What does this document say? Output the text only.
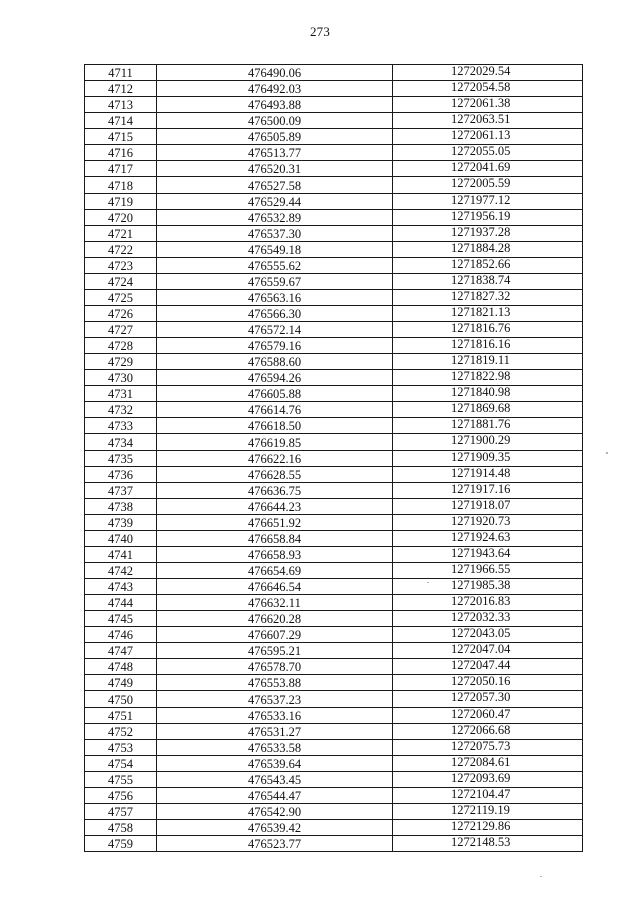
273
4711	476490.06	1272029.54
4712	476492.03	1272054.58
4713	476493.88	1272061.38
4714	476500.09	1272063.51
4715	476505.89	1272061.13
4716	476513.77	1272055.05
4717	476520.31	1272041.69
4718	476527.58	1272005.59
4719	476529.44	1271977.12
4720	476532.89	1271956.19
4721	476537.30	1271937.28
4722	476549.18	1271884.28
4723	476555.62	1271852.66
4724	476559.67	1271838.74
4725	476563.16	1271827.32
4726	476566.30	1271821.13
4727	476572.14	1271816.76
4728	476579.16	1271816.16
4729	476588.60	1271819.11
4730	476594.26	1271822.98
4731	476605.88	1271840.98
4732	476614.76	1271869.68
4733	476618.50	1271881.76
4734	476619.85	1271900.29
4735	476622.16	1271909.35
4736	476628.55	1271914.48
4737	476636.75	1271917.16
4738	476644.23	1271918.07
4739	476651.92	1271920.73
4740	476658.84	1271924.63
4741	476658.93	1271943.64
4742	476654.69	1271966.55
4743	476646.54	1271985.38
4744	476632.11	1272016.83
4745	476620.28	1272032.33
4746	476607.29	1272043.05
4747	476595.21	1272047.04
4748	476578.70	1272047.44
4749	476553.88	1272050.16
4750	476537.23	1272057.30
4751	476533.16	1272060.47
4752	476531.27	1272066.68
4753	476533.58	1272075.73
4754	476539.64	1272084.61
4755	476543.45	1272093.69
4756	476544.47	1272104.47
4757	476542.90	1272119.19
4758	476539.42	1272129.86
4759	476523.77	1272148.53
